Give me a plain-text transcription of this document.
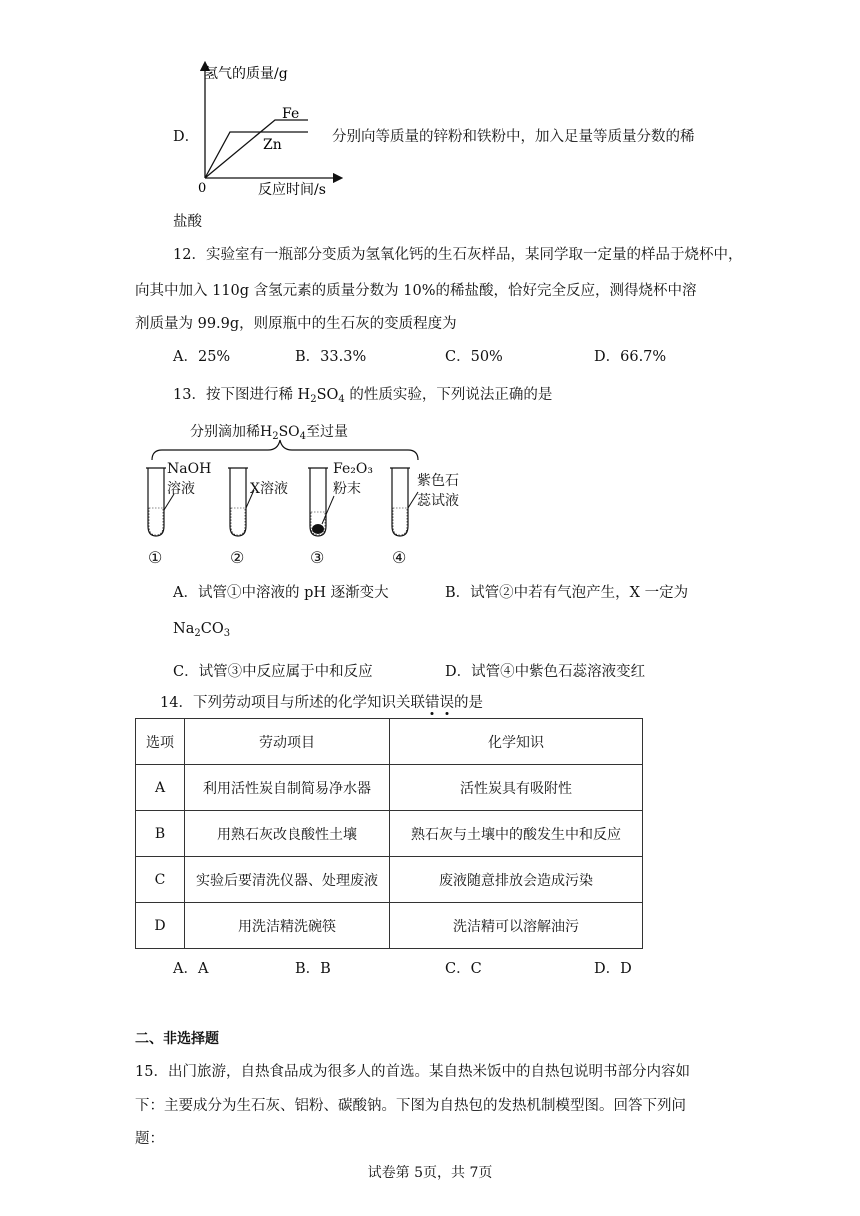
D．
氢气的质量/g
反应时间/s
0
Fe
Zn	分别向等质量的锌粉和铁粉中，加入足量等质量分数的稀
盐酸
12．实验室有一瓶部分变质为氢氧化钙的生石灰样品，某同学取一定量的样品于烧杯中，
向其中加入 110g 含氢元素的质量分数为 10%的稀盐酸，恰好完全反应，测得烧杯中溶
剂质量为 99.9g，则原瓶中的生石灰的变质程度为
A．25%	B．33.3%	C．50%	D．66.7%
13．按下图进行稀 $H_2SO_4$ 的性质实验，下列说法正确的是
分别滴加稀$H_2SO_4$至过量
NaOH
溶液	X溶液
Fe₂O₃
粉末	紫色石
蕊试液
①	②	③	④
A．试管①中溶液的 pH 逐渐变大	B．试管②中若有气泡产生，X 一定为
$Na_2CO_3$
C．试管③中反应属于中和反应	D．试管④中紫色石蕊溶液变红
14．下列劳动项目与所述的化学知识关联错误的是
选项	劳动项目	化学知识
A	利用活性炭自制简易净水器	活性炭具有吸附性
B	用熟石灰改良酸性土壤	熟石灰与土壤中的酸发生中和反应
C	实验后要清洗仪器、处理废液	废液随意排放会造成污染
D	用洗洁精洗碗筷	洗洁精可以溶解油污
A．A	B．B	C．C	D．D
二、非选择题
15．出门旅游，自热食品成为很多人的首选。某自热米饭中的自热包说明书部分内容如
下：主要成分为生石灰、铝粉、碳酸钠。下图为自热包的发热机制模型图。回答下列问
题：
试卷第 5页，共 7页
